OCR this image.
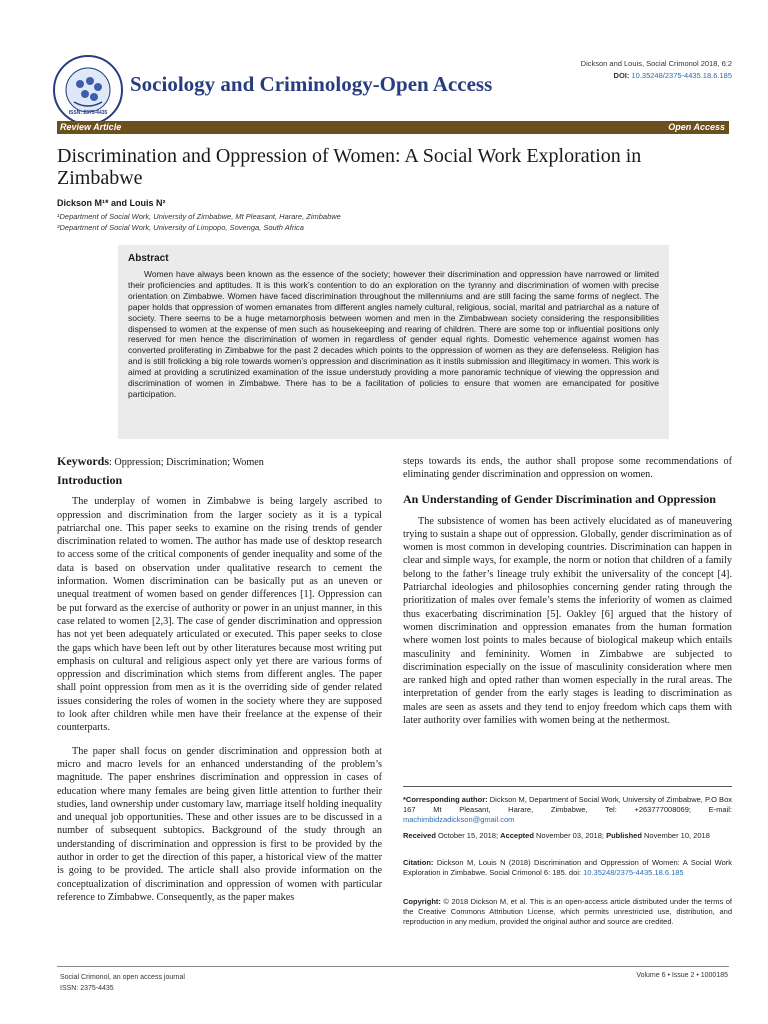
ISSN: 2375-4435
Sociology and Criminology-Open Access
Dickson and Louis, Social Crimonol 2018, 6:2
DOI: 10.35248/2375-4435.18.6.185
Review Article	Open Access
Discrimination and Oppression of Women: A Social Work Exploration in Zimbabwe
Dickson M¹* and Louis N²
¹Department of Social Work, University of Zimbabwe, Mt Pleasant, Harare, Zimbabwe
²Department of Social Work, University of Limpopo, Sovenga, South Africa
Abstract

Women have always been known as the essence of the society; however their discrimination and oppression have narrowed or limited their proficiencies and aptitudes. It is this work’s contention to do an exploration on the tyranny and discrimination of women with precise orientation on Zimbabwe. Women have faced discrimination throughout the millenniums and are still facing the same forms of neglect. The paper holds that oppression of women emanates from different angles namely cultural, religious, social, marital and patriarchal as a nature of society. There seems to be a huge metamorphosis between women and men in the Zimbabwean society considering the responsibilities dispensed to women at the expense of men such as housekeeping and rearing of children. There are some top or influential positions only reserved for men hence the discrimination of women in regardless of gender equal rights. Domestic vehemence against women has converted proliferating in Zimbabwe for the past 2 decades which points to the oppression of women as they are defenseless. Religion has and is still frolicking a big role towards women’s oppression and discrimination as it instils submission and illegitimacy in women. This work is aimed at providing a scrutinized examination of the issue understudy providing a more panoramic technique of viewing the oppression and discrimination of women in Zimbabwe. There has to be a facilitation of policies to ensure that women are emancipated for positive participation.

Keywords: Oppression; Discrimination; Women

Introduction

The underplay of women in Zimbabwe is being largely ascribed to oppression and discrimination from the larger society as it is a typical patriarchal one. This paper seeks to examine on the rising trends of gender discrimination related to women. The author has made use of desktop research to access some of the critical components of gender inequality and some of the data is based on observation under qualitative research to cement the information. Women discrimination can be basically put as an uneven or unequal treatment of women based on gender differences [1]. Oppression can be put forward as the exercise of authority or power in an unjust manner, in this case related to women [2,3]. The case of gender discrimination and oppression has not yet been adequately articulated or executed. This paper seeks to close the gaps which have been left out by other literatures because most writing put emphasis on cultural and religious aspect only yet there are various forms of oppression and discrimination which stems from different angles. The paper shall point oppression from men as it is the overriding side of gender related issues considering the roles of women in the society where they are supposed to look after children while men have their freelance at the expense of their counterparts.

The paper shall focus on gender discrimination and oppression both at micro and macro levels for an enhanced understanding of the problem’s magnitude. The paper enshrines discrimination and oppression in cases of education where many females are being given little attention to further their studies, land ownership under customary law, marriage itself holding inequality and unequal job opportunities. These and other issues are to be discussed in a number of subsequent subtopics. Background of the study through an understanding of discrimination and oppression is first to be provided by the author in order to get the direction of this paper, a historical view of the matter is going to be provided. The article shall also provide information on the conceptualization of discrimination and oppression of women with particular reference to Zimbabwe. Consequently, as the paper makes

steps towards its ends, the author shall propose some recommendations of eliminating gender discrimination and oppression on women.

An Understanding of Gender Discrimination and Oppression

The subsistence of women has been actively elucidated as of maneuvering trying to sustain a shape out of oppression. Globally, gender discrimination as of women is most common in developing countries. Discrimination can happen in clear and simple ways, for example, the norm or notion that children of a family belong to the father’s lineage truly exhibit the universality of the concept [4]. Patriarchal ideologies and philosophies concerning gender rating through the prioritization of males over female’s stems the inferiority of women as claimed thus exacerbating discrimination [5]. Oakley [6] argued that the history of women discrimination and oppression emanates from the human formation where women lost points to males because of biological makeup which entails masculinity and femininity. Women in Zimbabwe are subjected to discrimination especially on the issue of masculinity consideration where men are ranked high and opted rather than women especially in the rural areas. The interpretation of gender from the early stages is leading to discrimination as males are seen as assets and they tend to enjoy freedom which caps them with later authority over families with women being at the nethermost.

*Corresponding author: Dickson M, Department of Social Work, University of Zimbabwe, P.O Box 167 Mt Pleasant, Harare, Zimbabwe, Tel: +263777008069; E-mail: machimbidzadickson@gmail.com
Received October 15, 2018; Accepted November 03, 2018; Published November 10, 2018
Citation: Dickson M, Louis N (2018) Discrimination and Oppression of Women: A Social Work Exploration in Zimbabwe. Social Crimonol 6: 185. doi: 10.35248/2375-4435.18.6.185
Copyright: © 2018 Dickson M, et al. This is an open-access article distributed under the terms of the Creative Commons Attribution License, which permits unrestricted use, distribution, and reproduction in any medium, provided the original author and source are credited.
Social Crimonol, an open access journal
ISSN: 2375-4435
Volume 6 • Issue 2 • 1000185
